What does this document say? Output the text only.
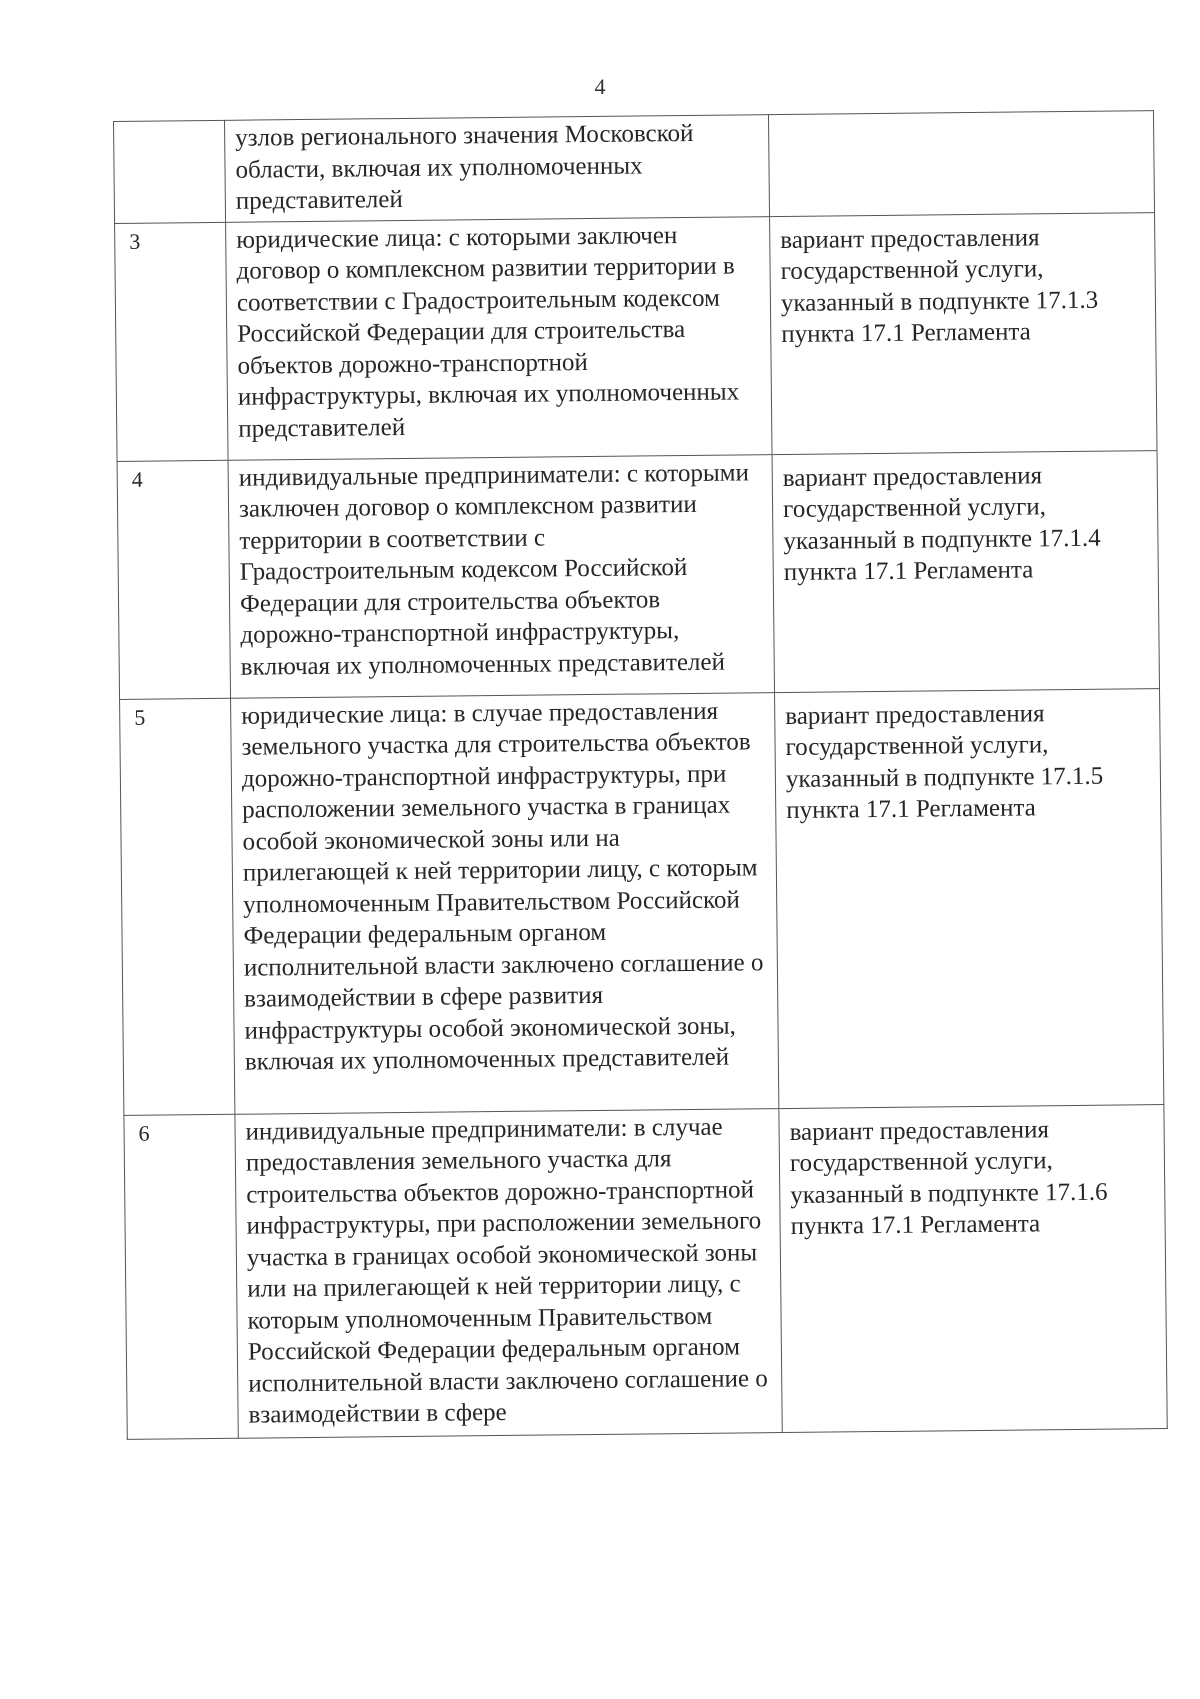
4
	узлов регионального значения Московской области, включая их уполномоченных представителей	
3	юридические лица: с которыми заключен договор о комплексном развитии территории в соответствии с Градостроительным кодексом Российской Федерации для строительства объектов дорожно-транспортной инфраструктуры, включая их уполномоченных представителей	вариант предоставления государственной услуги, указанный в подпункте 17.1.3 пункта 17.1 Регламента
4	индивидуальные предприниматели: с которыми заключен договор о комплексном развитии территории в соответствии с Градостроительным кодексом Российской Федерации для строительства объектов дорожно-транспортной инфраструктуры, включая их уполномоченных представителей	вариант предоставления государственной услуги, указанный в подпункте 17.1.4 пункта 17.1 Регламента
5	юридические лица: в случае предоставления земельного участка для строительства объектов дорожно-транспортной инфраструктуры, при расположении земельного участка в границах особой экономической зоны или на прилегающей к ней территории лицу, с которым уполномоченным Правительством Российской Федерации федеральным органом исполнительной власти заключено соглашение о взаимодействии в сфере развития инфраструктуры особой экономической зоны, включая их уполномоченных представителей	вариант предоставления государственной услуги, указанный в подпункте 17.1.5 пункта 17.1 Регламента
6	индивидуальные предприниматели: в случае предоставления земельного участка для строительства объектов дорожно-транспортной инфраструктуры, при расположении земельного участка в границах особой экономической зоны или на прилегающей к ней территории лицу, с которым уполномоченным Правительством Российской Федерации федеральным органом исполнительной власти заключено соглашение о взаимодействии в сфере	вариант предоставления государственной услуги, указанный в подпункте 17.1.6 пункта 17.1 Регламента
